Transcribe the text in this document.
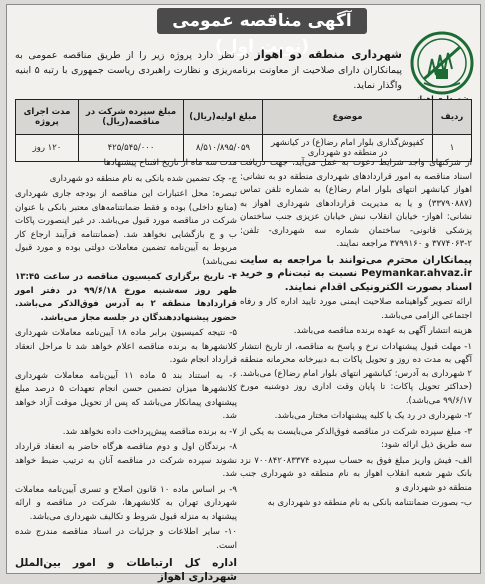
آگهی مناقصه عمومی (نوبت اول)
شهرداری منطقه دو اهواز در نظر دارد پروژه زیر را از طریق مناقصه عمومی به پیمانکاران دارای صلاحیت از معاونت برنامه‌ریزی و نظارت راهبردی ریاست جمهوری با رتبه ۵ ابنیه واگذار نماید.
ردیف	موضوع	مبلغ اولیه(ریال)	مبلغ سپرده شرکت در مناقصه(ریال)	مدت اجرای پروژه
۱	کفپوش‌گذاری بلوار امام رضا(ع) در کیانشهر در منطقه دو شهرداری	۸/۵۱۰/۸۹۵/۰۵۹	۴۲۵/۵۴۵/۰۰۰	۱۲۰ روز

از شرکتهای واجد شرایط دعوت به عمل می‌آید، جهت دریافت اسناد مناقصه به امور قراردادهای شهرداری منطقه دو به نشانی: اهواز کیانشهر انتهای بلوار امام رضا(ع) به شماره تلفن تماس (۳۳۷۹۰۸۸۷) و یا به مدیریت قراردادهای شهرداری اهواز به نشانی: اهواز- خیابان انقلاب نبش خیابان عزیزی جنب ساختمان پزشکی قانونی- ساختمان شماره سه شهرداری- تلفن: ۲-۳۷۷۴۰۶۳ و ۳۷۹۹۱۶۰ مراجعه نمایند.

پیمانکاران محترم می‌توانند با مراجعه به سایت Peymankar.ahvaz.ir نسبت به ثبت‌نام و خرید اسناد بصورت الکترونیکی اقدام نمایند.

ارائه تصویر گواهینامه صلاحیت ایمنی مورد تایید اداره کار و رفاه اجتماعی الزامی می‌باشد.

هزینه انتشار آگهی به عهده برنده مناقصه می‌باشد.

۱- مهلت قبول پیشنهادات نرخ و پاسخ به مناقصه، از تاریخ انتشار آگهی به مدت ده روز و تحویل پاکات بـه دبیرخانه محرمانه منطقه ۲ شهرداری به آدرس: کیانشهر انتهای بلوار امام رضا(ع) می‌باشد. (حداکثر تحویل پاکات: تا پایان وقت اداری روز دوشنبه مورخ ۹۹/۶/۱۷ می‌باشد).

۲- شهرداری در رد یک یا کلیه پیشنهادات مختار می‌باشد.

۳- مبلغ سپرده شرکت در مناقصه فوق‌الذکر می‌بایست به یکی از سه طریق ذیل ارائه شود:

الف- فیش واریز مبلغ فوق به حساب سپرده ۷۰۰۸۴۲۰۸۳۳۷۴ نزد بانک شهر شعبه انقلاب اهواز به نام منطقه دو شهرداری جنب منطقه دو شهرداری و

ب- بصورت ضمانتنامه بانکی به نام منطقه دو شهرداری به

مدت سه ماه از تاریخ افتتاح پیشنهادها

ج- چک تضمین شده بانکی به نام منطقه دو شهرداری

تبصره: محل اعتبارات این مناقصه از بودجه جاری شهرداری (منابع داخلی) بوده و فقط ضمانتنامه‌های معتبر بانکی با عنوان شرکت در مناقصه مورد قبول می‌باشد. در غیر اینصورت پاکات ب و ج بازگشایی نخواهد شد. (ضمانتنامه فرآیند ارجاع کار مربوط به آیین‌نامه تضمین معاملات دولتی بوده و مورد قبول نمی‌باشد)

۴- تاریخ برگزاری کمیسیون مناقصه در ساعت ۱۳:۴۵ ظهر روز سه‌شنبه مورخ ۹۹/۶/۱۸ در دفتر امور قراردادها منطقه ۲ به آدرس فوق‌الذکر می‌باشد. حضور پیشنهاددهندگان در جلسه مجاز می‌باشد.

۵- نتیجه کمیسیون برابر ماده ۱۸ آیین‌نامه معاملات شهرداری کلانشهرها به برنده مناقصه اعلام خواهد شد تا مراحل انعقاد قرارداد انجام شود.

۶- به استناد بند ۵ ماده ۱۱ آیین‌نامه معاملات شهرداری کلانشهرها میزان تضمین حسن انجام تعهدات ۵ درصد مبلغ پیشنهادی پیمانکار می‌باشد که پس از تحویل موقت آزاد خواهد شد.

۷- به برنده مناقصه پیش‌پرداخت داده نخواهد شد.

۸- برندگان اول و دوم مناقصه هرگاه حاضر به انعقاد قرارداد نشوند سپرده شرکت در مناقصه آنان به ترتیب ضبط خواهد شد.

۹- بر اساس ماده ۱۰ قانون اصلاح و تسری آیین‌نامه معاملات شهرداری تهران به کلانشهرها، شرکت در مناقصه و ارائه پیشنهاد به منزله قبول شروط و تکالیف شهرداری می‌باشد.

۱۰- سایر اطلاعات و جزئیات در اسناد مناقصه مندرج شده است.

اداره کل ارتباطات و امور بین‌الملل شهرداری اهواز
